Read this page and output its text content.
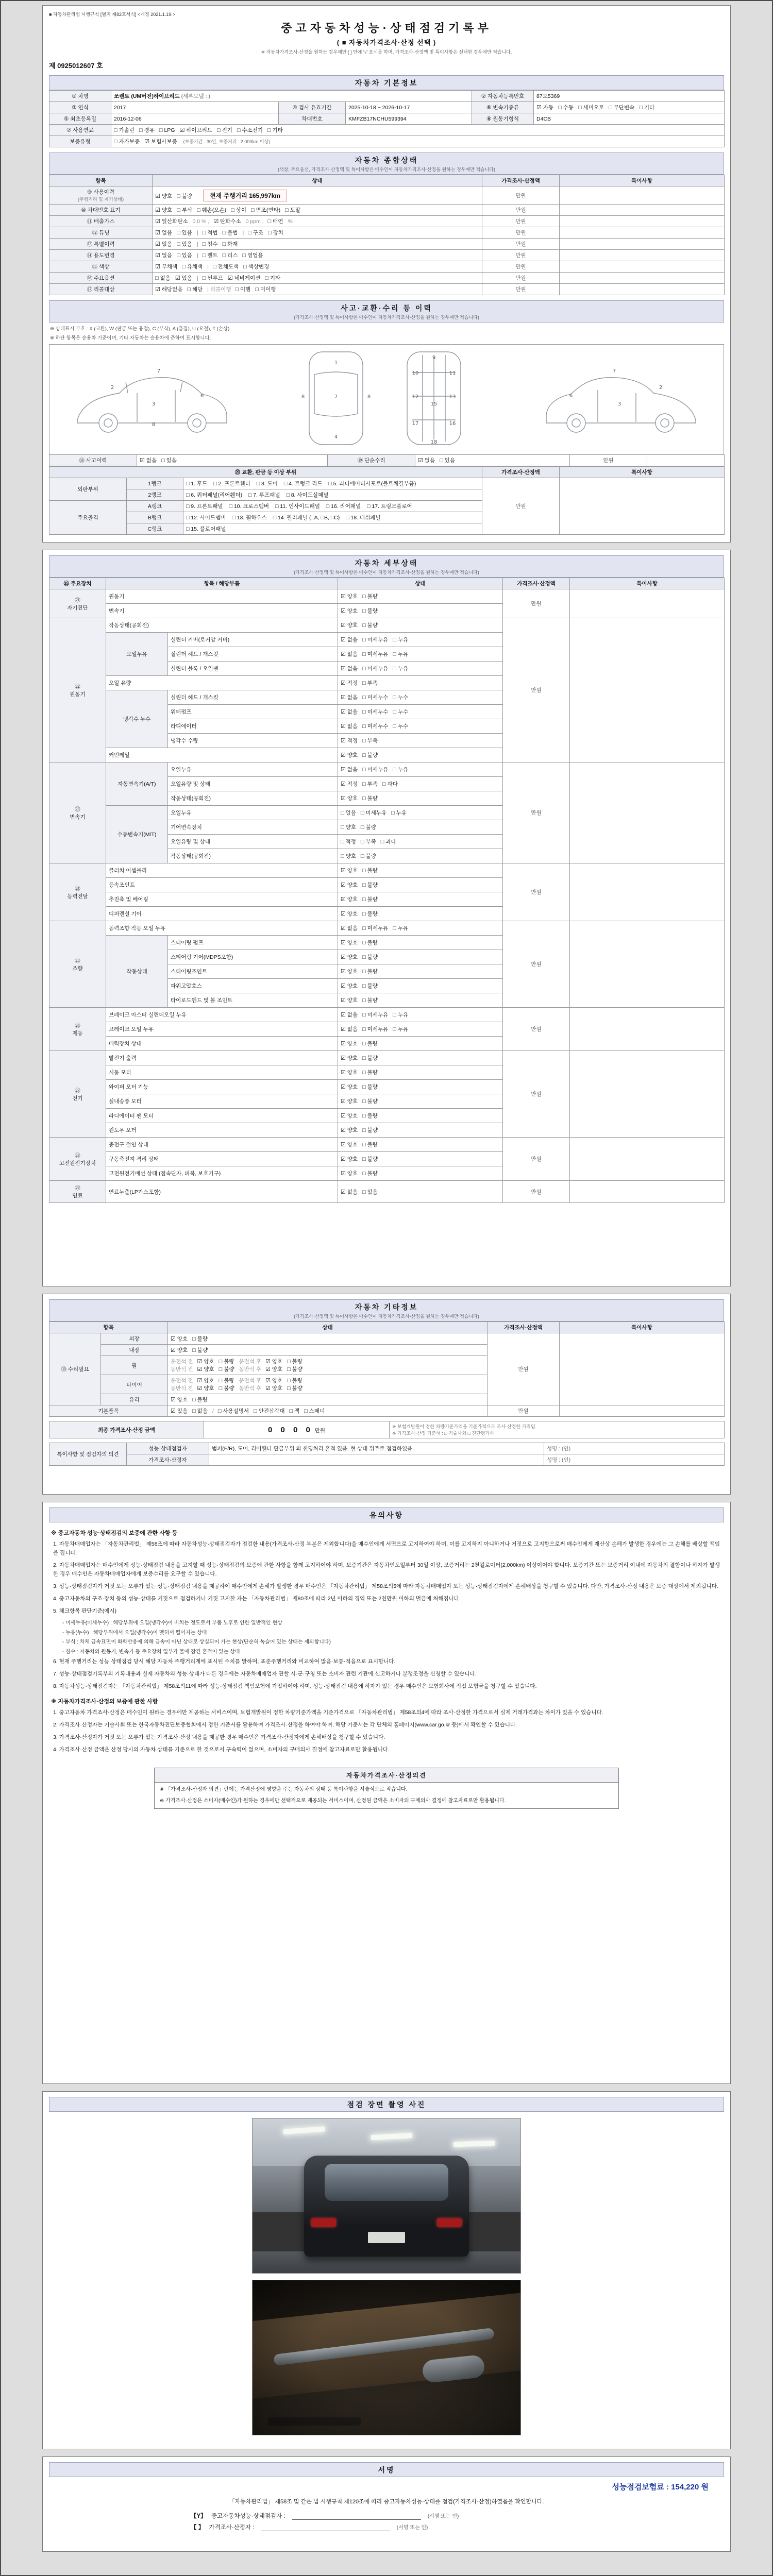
■ 자동차관리법 시행규칙 [별지 제82호서식] <개정 2021.1.19.>
중고자동차성능·상태점검기록부
( ■ 자동차가격조사·산정 선택 )
※ 자동차가격조사·산정을 원하는 경우에만 [ ] 안에 '√' 표시를 하며, 가격조사·산정액 및 특이사항은 선택한 경우에만 적습니다.
제 0925012607 호
자동차 기본정보
① 차명	쏘렌토 (UM버전)하이브리드 (세부모델 : )			② 자동차등록번호	87오5369
③ 연식	2017	④ 검사 유효기간	2025-10-18 ~ 2026-10-17	⑥ 변속기종류	☑ 자동 □ 수동 □ 세미오토 □ 무단변속 □ 기타
⑤ 최초등록일	2016-12-06	차대번호	KMFZB17NCHU599394	⑧ 원동기형식	D4CB
⑦ 사용연료	□ 가솔린 □ 경유 □ LPG ☑ 하이브리드 □ 전기 □ 수소전기 □ 기타				
보증유형	□ 자가보증 ☑ 보험사보증 (보증기간 : 30일, 보증거리 : 2,000km 이상)				
자동차 종합상태
(색상, 주요옵션, 가격조사·산정액 및 특이사항은 매수인이 자동차가격조사·산정을 원하는 경우에만 적습니다)
항목	상태	가격조사·산정액	특이사항
⑨ 사용이력
(주행거리 및 계기상태)	☑ 양호 □ 불량 현재 주행거리 165,997km	만원	
⑩ 차대번호 표기	☑ 양호 □ 부식 □ 훼손(오손) □ 상이 □ 변조(변타) □ 도말	만원	
⑪ 배출가스	☑ 일산화탄소 0.0 % , ☑ 탄화수소 0 ppm , □ 매연 %	만원	
⑫ 튜닝	☑ 없음 □ 있음 | □ 적법 □ 불법 | □ 구조 □ 장치	만원	
⑬ 특별이력	☑ 없음 □ 있음 | □ 침수 □ 화재	만원	
⑭ 용도변경	☑ 없음 □ 있음 | □ 렌트 □ 리스 □ 영업용	만원	
⑮ 색상	☑ 무채색 □ 유채색 | □ 전체도색 □ 색상변경	만원	
⑯ 주요옵션	□ 없음 ☑ 있음 | □ 썬루프 ☑ 네비게이션 □ 기타	만원	
⑰ 리콜대상	☑ 해당없음 □ 해당 | 리콜이행 □ 이행 □ 미이행	만원	
사고·교환·수리 등 이력
(가격조사·산정액 및 특이사항은 매수인이 자동차가격조사·산정을 원하는 경우에만 적습니다)
※ 상태표시 부호 : X (교환), W (판금 또는 용접), C (부식), A (흠집), U (요철), T (손상)
※ 하단 항목은 승용차 기준이며, 기타 자동차는 승용차에 준하여 표시합니다.
2
3
6
7
8
1
7
4
8	8
9
10	11
12	13
15
17	16
18
2
3
6
7
⑱ 사고이력	☑ 없음 □ 있음	⑲ 단순수리	☑ 없음 □ 있음	만원	
⑳ 교환, 판금 등 이상 부위			가격조사·산정액	특이사항
외판부위	1랭크	□ 1. 후드 □ 2. 프론트휀더 □ 3. 도어 □ 4. 트렁크 리드 □ 5. 라디에이터서포트(볼트체결부품)	만원	
	2랭크	□ 6. 쿼터패널(리어휀더) □ 7. 루프패널 □ 8. 사이드실패널		
주요골격	A랭크	□ 9. 프론트패널 □ 10. 크로스멤버 □ 11. 인사이드패널 □ 16. 리어패널 □ 17. 트렁크플로어		
	B랭크	□ 12. 사이드멤버 □ 13. 휠하우스 □ 14. 필러패널 (□A, □B, □C) □ 18. 대쉬패널		
	C랭크	□ 15. 플로어패널		
자동차 세부상태
(가격조사·산정액 및 특이사항은 매수인이 자동차가격조사·산정을 원하는 경우에만 적습니다)
㉟ 주요장치	항목 / 해당부품		상태	가격조사·산정액	특이사항
㉑
자기진단	원동기		☑ 양호 □ 불량	만원	
	변속기		☑ 양호 □ 불량		
㉒
원동기	작동상태(공회전)		☑ 양호 □ 불량	만원	
	오일누유	실린더 커버(로커암 커버)	☑ 없음 □ 미세누유 □ 누유		
		실린더 헤드 / 개스킷	☑ 없음 □ 미세누유 □ 누유		
		실린더 블록 / 오일팬	☑ 없음 □ 미세누유 □ 누유		
	오일 유량		☑ 적정 □ 부족		
	냉각수 누수	실린더 헤드 / 개스킷	☑ 없음 □ 미세누수 □ 누수		
		워터펌프	☑ 없음 □ 미세누수 □ 누수		
		라디에이터	☑ 없음 □ 미세누수 □ 누수		
		냉각수 수량	☑ 적정 □ 부족		
	커먼레일		☑ 양호 □ 불량		
㉓
변속기	자동변속기(A/T)	오일누유	☑ 없음 □ 미세누유 □ 누유	만원	
		오일유량 및 상태	☑ 적정 □ 부족 □ 과다		
		작동상태(공회전)	☑ 양호 □ 불량		
	수동변속기(M/T)	오일누유	□ 없음 □ 미세누유 □ 누유		
		기어변속장치	□ 양호 □ 불량		
		오일유량 및 상태	□ 적정 □ 부족 □ 과다		
		작동상태(공회전)	□ 양호 □ 불량		
㉔
동력전달	클러치 어셈블리		☑ 양호 □ 불량	만원	
	등속조인트		☑ 양호 □ 불량		
	추진축 및 베어링		☑ 양호 □ 불량		
	디퍼렌셜 기어		☑ 양호 □ 불량		
㉕
조향	동력조향 작동 오일 누유		☑ 없음 □ 미세누유 □ 누유	만원	
	작동상태	스티어링 펌프	☑ 양호 □ 불량		
		스티어링 기어(MDPS포함)	☑ 양호 □ 불량		
		스티어링조인트	☑ 양호 □ 불량		
		파워고압호스	☑ 양호 □ 불량		
		타이로드엔드 및 볼 조인트	☑ 양호 □ 불량		
㉖
제동	브레이크 마스터 실린더오일 누유		☑ 없음 □ 미세누유 □ 누유	만원	
	브레이크 오일 누유		☑ 없음 □ 미세누유 □ 누유		
	배력장치 상태		☑ 양호 □ 불량		
㉗
전기	발전기 출력		☑ 양호 □ 불량	만원	
	시동 모터		☑ 양호 □ 불량		
	와이퍼 모터 기능		☑ 양호 □ 불량		
	실내송풍 모터		☑ 양호 □ 불량		
	라디에이터 팬 모터		☑ 양호 □ 불량		
	윈도우 모터		☑ 양호 □ 불량		
㉘
고전원전기장치	충전구 절연 상태		☑ 양호 □ 불량	만원	
	구동축전지 격리 상태		☑ 양호 □ 불량		
	고전원전기배선 상태 (접속단자, 피복, 보호기구)		☑ 양호 □ 불량		
㉙
연료	연료누출(LP가스포함)		☑ 없음 □ 있음	만원	
자동차 기타정보
(가격조사·산정액 및 특이사항은 매수인이 자동차가격조사·산정을 원하는 경우에만 적습니다)
항목		상태	가격조사·산정액	특이사항
㉚ 수리필요	외장	☑ 양호 □ 불량	만원	
	내장	☑ 양호 □ 불량		
	휠	운전석 전 ☑ 양호 □ 불량 운전석 후 ☑ 양호 □ 불량
동반석 전 ☑ 양호 □ 불량 동반석 후 ☑ 양호 □ 불량		
	타이어	운전석 전 ☑ 양호 □ 불량 운전석 후 ☑ 양호 □ 불량
동반석 전 ☑ 양호 □ 불량 동반석 후 ☑ 양호 □ 불량		
	유리	☑ 양호 □ 불량		
기본품목		☑ 있음 □ 없음 / □ 사용설명서 □ 안전삼각대 □ 잭 □ 스패너	만원	
최종 가격조사·산정 금액	0 0 0 0 만원	
※ 보험개발원이 정한 차량기준가액을 기준가격으로 조사·산정한 가격임
※ 가격조사·산정 기준서 : □ 기술사회 □ 진단평가사
특이사항 및 점검자의 의견	성능·상태점검자	범퍼(F/R), 도어, 리어휀다 판금부위 외 샌딩처리 흔적 있음. 현 상태 위주로 점검하였음.	성명 : (인)
	가격조사·산정자		성명 : (인)
유의사항
※ 중고자동차 성능·상태점검의 보증에 관한 사항 등

1. 자동차매매업자는 「자동차관리법」 제58조에 따라 자동차성능·상태점검자가 점검한 내용(가격조사·산정 부분은 제외합니다)을 매수인에게 서면으로 고지하여야 하며, 이를 고지하지 아니하거나 거짓으로 고지함으로써 매수인에게 재산상 손해가 발생한 경우에는 그 손해를 배상할 책임을 집니다.

2. 자동차매매업자는 매수인에게 성능·상태점검 내용을 고지할 때 성능·상태점검의 보증에 관한 사항을 함께 고지하여야 하며, 보증기간은 자동차인도일부터 30일 이상, 보증거리는 2천킬로미터(2,000km) 이상이어야 합니다. 보증기간 또는 보증거리 이내에 자동차의 결함이나 하자가 발생한 경우 매수인은 자동차매매업자에게 보증수리를 요구할 수 있습니다.

3. 성능·상태점검자가 거짓 또는 오류가 있는 성능·상태점검 내용을 제공하여 매수인에게 손해가 발생한 경우 매수인은 「자동차관리법」 제58조의5에 따라 자동차매매업자 또는 성능·상태점검자에게 손해배상을 청구할 수 있습니다. 다만, 가격조사·산정 내용은 보증 대상에서 제외됩니다.

4. 중고자동차의 구조·장치 등의 성능·상태를 거짓으로 점검하거나 거짓 고지한 자는 「자동차관리법」 제80조에 따라 2년 이하의 징역 또는 2천만원 이하의 벌금에 처해집니다.

5. 체크항목 판단기준(예시)

- 미세누유(미세누수) : 해당부위에 오일(냉각수)이 비치는 정도로서 부품 노후로 인한 일반적인 현상

- 누유(누수) : 해당부위에서 오일(냉각수)이 맺혀서 떨어지는 상태

- 부식 : 차체 금속표면이 화학반응에 의해 금속이 아닌 상태로 상실되어 가는 현상(단순히 녹슬어 있는 상태는 제외합니다)

- 침수 : 자동차의 원동기, 변속기 등 주요장치 일부가 물에 잠긴 흔적이 있는 상태

6. 현재 주행거리는 성능·상태점검 당시 해당 자동차 주행거리계에 표시된 수치를 말하며, 표준주행거리와 비교하여 많음·보통·적음으로 표시합니다.

7. 성능·상태점검기록부의 기록내용과 실제 자동차의 성능·상태가 다른 경우에는 자동차매매업자 관할 시·군·구청 또는 소비자 관련 기관에 신고하거나 분쟁조정을 신청할 수 있습니다.

8. 자동차성능·상태점검자는 「자동차관리법」 제58조의11에 따라 성능·상태점검 책임보험에 가입하여야 하며, 성능·상태점검 내용에 하자가 있는 경우 매수인은 보험회사에 직접 보험금을 청구할 수 있습니다.

※ 자동차가격조사·산정의 보증에 관한 사항

1. 중고자동차 가격조사·산정은 매수인이 원하는 경우에만 제공하는 서비스이며, 보험개발원이 정한 차량기준가액을 기준가격으로 「자동차관리법」 제58조의4에 따라 조사·산정한 가격으로서 실제 거래가격과는 차이가 있을 수 있습니다.

2. 가격조사·산정자는 기술사회 또는 한국자동차진단보증협회에서 정한 기준서를 활용하여 가격조사·산정을 하여야 하며, 해당 기준서는 각 단체의 홈페이지(www.car.go.kr 등)에서 확인할 수 있습니다.

3. 가격조사·산정자가 거짓 또는 오류가 있는 가격조사·산정 내용을 제공한 경우 매수인은 가격조사·산정자에게 손해배상을 청구할 수 있습니다.

4. 가격조사·산정 금액은 산정 당시의 자동차 상태를 기준으로 한 것으로서 구속력이 없으며, 소비자의 구매의사 결정에 참고자료로만 활용됩니다.

자동차가격조사·산정의견

※ 「가격조사·산정자 의견」란에는 가격산정에 영향을 주는 자동차의 상태 등 특이사항을 서술식으로 적습니다.

※ 가격조사·산정은 소비자(매수인)가 원하는 경우에만 선택적으로 제공되는 서비스이며, 산정된 금액은 소비자의 구매의사 결정에 참고자료로만 활용됩니다.

점검 장면 촬영 사진
서명
성능점검보험료 : 154,220 원

「자동차관리법」 제58조 및 같은 법 시행규칙 제120조에 따라 중고자동차성능·상태를 점검(가격조사·산정)하였음을 확인합니다.

【Y】 중고자동차성능·상태점검자 :	(서명 또는 인)
【 】 가격조사·산정자 :	(서명 또는 인)
